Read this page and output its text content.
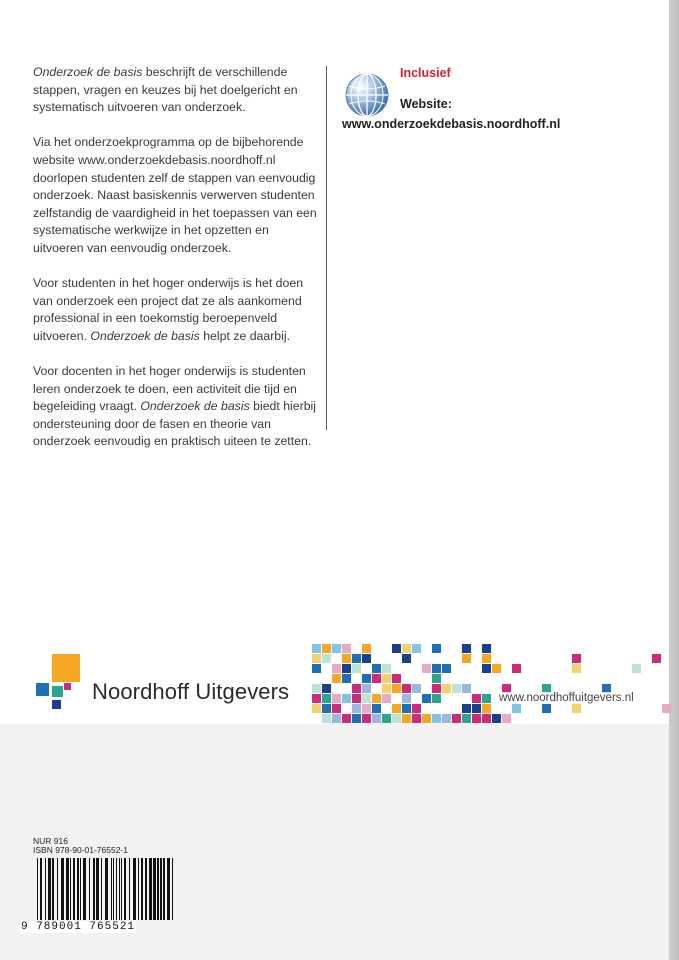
Onderzoek de basis beschrijft de verschillende stappen, vragen en keuzes bij het doelgericht en systematisch uitvoeren van onderzoek.

Via het onderzoekprogramma op de bijbehorende website www.onderzoekdebasis.noordhoff.nl doorlopen studenten zelf de stappen van eenvoudig onderzoek. Naast basiskennis verwerven studenten zelfstandig de vaardigheid in het toepassen van een systematische werkwijze in het opzetten en uitvoeren van eenvoudig onderzoek.

Voor studenten in het hoger onderwijs is het doen van onderzoek een project dat ze als aankomend professional in een toekomstig beroepenveld uitvoeren. Onderzoek de basis helpt ze daarbij.

Voor docenten in het hoger onderwijs is studenten leren onderzoek te doen, een activiteit die tijd en begeleiding vraagt. Onderzoek de basis biedt hierbij ondersteuning door de fasen en theorie van onderzoek eenvoudig en praktisch uiteen te zetten.

Inclusief
Website:
www.onderzoekdebasis.noordhoff.nl
Noordhoff Uitgevers	www.noordhoffuitgevers.nl
NUR 916
ISBN 978-90-01-76552-1
9 789001 765521
